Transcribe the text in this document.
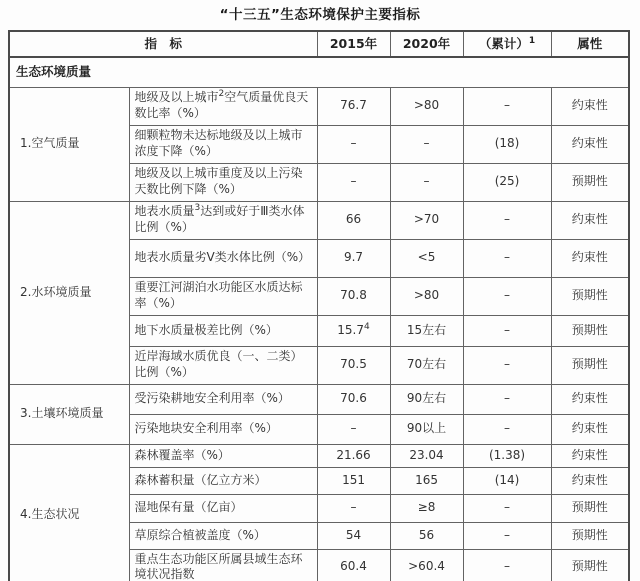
“十三五”生态环境保护主要指标
指　标		2015年	2020年	（累计）$^1$	属性
生态环境质量					
1.空气质量	地级及以上城市$^2$空气质量优良天数比率（%）	76.7	>80	–	约束性
	细颗粒物未达标地级及以上城市浓度下降（%）	–	–	(18)	约束性
	地级及以上城市重度及以上污染天数比例下降（%）	–	–	(25)	预期性
2.水环境质量	地表水质量$^3$达到或好于Ⅲ类水体比例（%）	66	>70	–	约束性
	地表水质量劣Ⅴ类水体比例（%）	9.7	<5	–	约束性
	重要江河湖泊水功能区水质达标率（%）	70.8	>80	–	预期性
	地下水质量极差比例（%）	15.7$^4$	15左右	–	预期性
	近岸海域水质优良（一、二类）比例（%）	70.5	70左右	–	预期性
3.土壤环境质量	受污染耕地安全利用率（%）	70.6	90左右	–	约束性
	污染地块安全利用率（%）	–	90以上	–	约束性
4.生态状况	森林覆盖率（%）	21.66	23.04	(1.38)	约束性
	森林蓄积量（亿立方米）	151	165	(14)	约束性
	湿地保有量（亿亩）	–	≥8	–	预期性
	草原综合植被盖度（%）	54	56	–	预期性
	重点生态功能区所属县域生态环境状况指数	60.4	>60.4	–	预期性
